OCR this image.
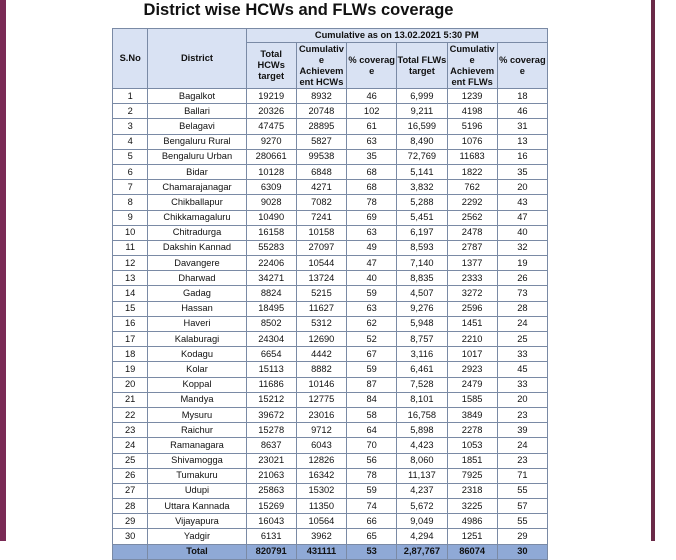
District wise HCWs and FLWs coverage
S.No	District	Cumulative as on 13.02.2021 5:30 PM					
		Total HCWs target	Cumulativ e Achievem ent HCWs	% coverag e	Total FLWs target	Cumulativ e Achievem ent FLWs	% coverag e
1	Bagalkot	19219	8932	46	6,999	1239	18
2	Ballari	20326	20748	102	9,211	4198	46
3	Belagavi	47475	28895	61	16,599	5196	31
4	Bengaluru Rural	9270	5827	63	8,490	1076	13
5	Bengaluru Urban	280661	99538	35	72,769	11683	16
6	Bidar	10128	6848	68	5,141	1822	35
7	Chamarajanagar	6309	4271	68	3,832	762	20
8	Chikballapur	9028	7082	78	5,288	2292	43
9	Chikkamagaluru	10490	7241	69	5,451	2562	47
10	Chitradurga	16158	10158	63	6,197	2478	40
11	Dakshin Kannad	55283	27097	49	8,593	2787	32
12	Davangere	22406	10544	47	7,140	1377	19
13	Dharwad	34271	13724	40	8,835	2333	26
14	Gadag	8824	5215	59	4,507	3272	73
15	Hassan	18495	11627	63	9,276	2596	28
16	Haveri	8502	5312	62	5,948	1451	24
17	Kalaburagi	24304	12690	52	8,757	2210	25
18	Kodagu	6654	4442	67	3,116	1017	33
19	Kolar	15113	8882	59	6,461	2923	45
20	Koppal	11686	10146	87	7,528	2479	33
21	Mandya	15212	12775	84	8,101	1585	20
22	Mysuru	39672	23016	58	16,758	3849	23
23	Raichur	15278	9712	64	5,898	2278	39
24	Ramanagara	8637	6043	70	4,423	1053	24
25	Shivamogga	23021	12826	56	8,060	1851	23
26	Tumakuru	21063	16342	78	11,137	7925	71
27	Udupi	25863	15302	59	4,237	2318	55
28	Uttara Kannada	15269	11350	74	5,672	3225	57
29	Vijayapura	16043	10564	66	9,049	4986	55
30	Yadgir	6131	3962	65	4,294	1251	29
	Total	820791	431111	53	2,87,767	86074	30
